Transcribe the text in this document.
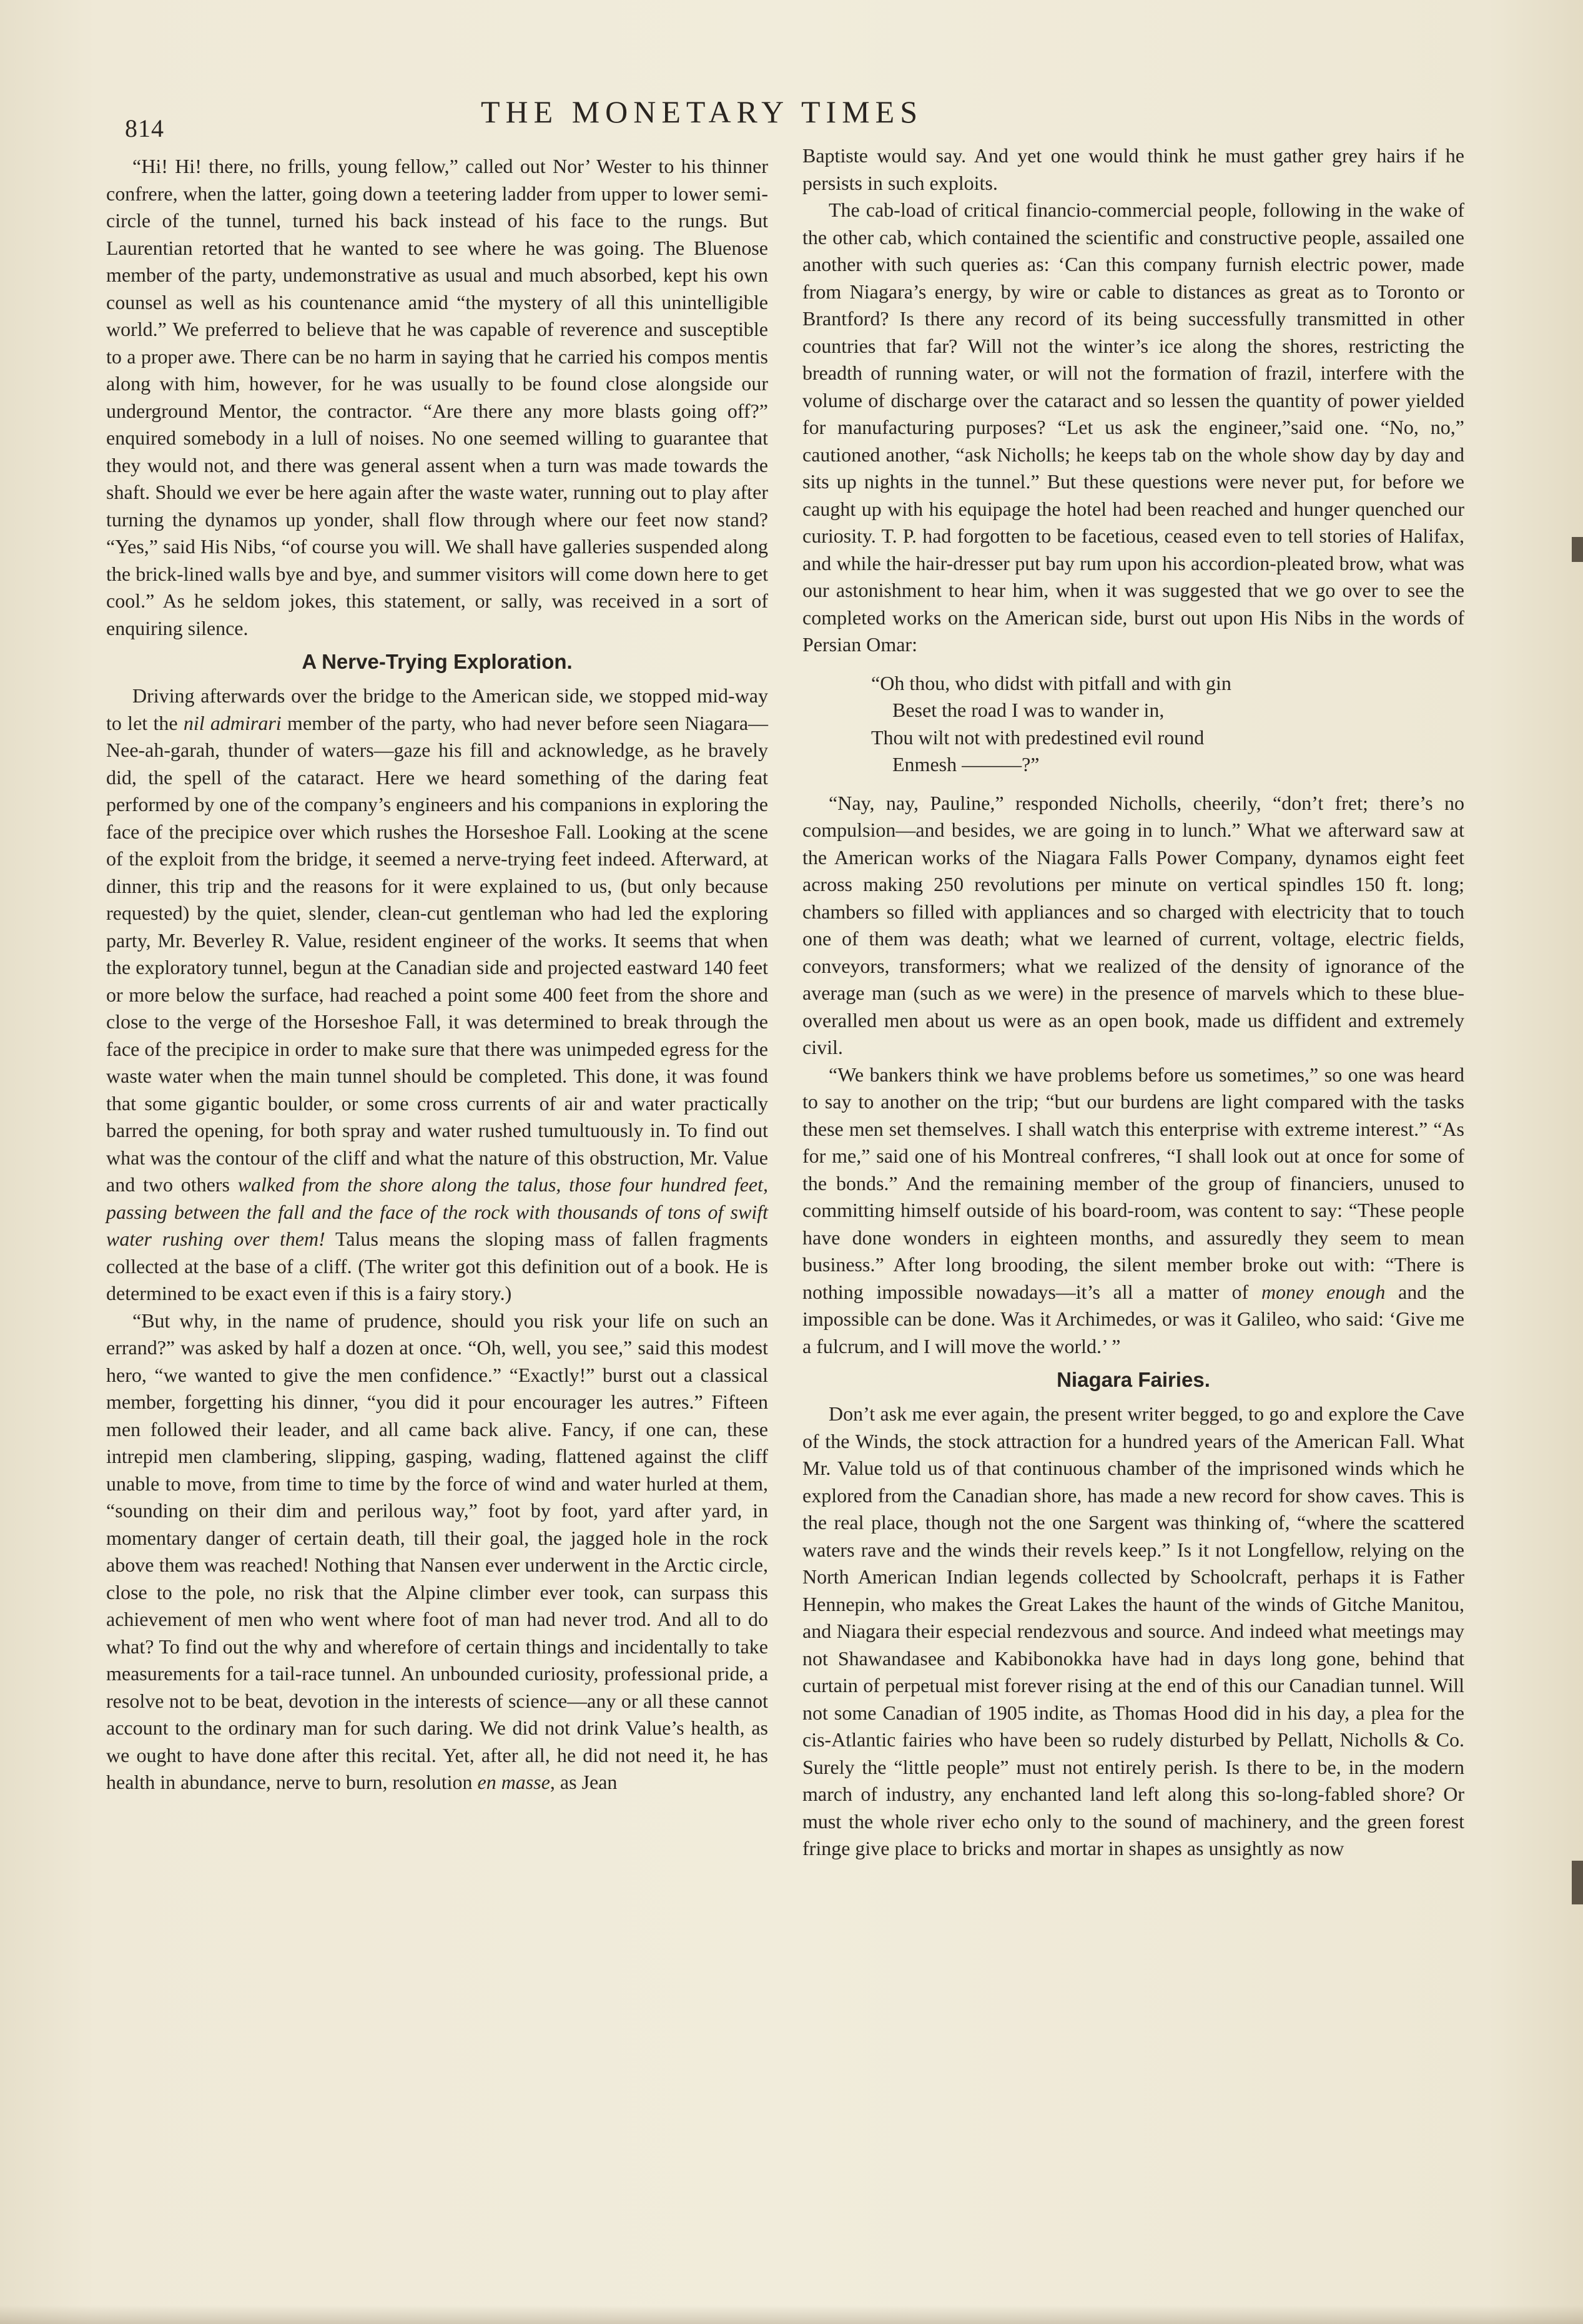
814	THE MONETARY TIMES

“Hi! Hi! there, no frills, young fellow,” called out Nor’ Wester to his thinner confrere, when the latter, going down a teetering ladder from upper to lower semi-circle of the tunnel, turned his back instead of his face to the rungs. But Laurentian retorted that he wanted to see where he was going. The Bluenose member of the party, undemonstrative as usual and much absorbed, kept his own counsel as well as his countenance amid “the mystery of all this unintelligible world.” We preferred to believe that he was capable of reverence and susceptible to a proper awe. There can be no harm in saying that he carried his compos mentis along with him, however, for he was usually to be found close alongside our underground Mentor, the contractor. “Are there any more blasts going off?” enquired somebody in a lull of noises. No one seemed willing to guarantee that they would not, and there was general assent when a turn was made towards the shaft. Should we ever be here again after the waste water, running out to play after turning the dynamos up yonder, shall flow through where our feet now stand? “Yes,” said His Nibs, “of course you will. We shall have galleries suspended along the brick-lined walls bye and bye, and summer visitors will come down here to get cool.” As he seldom jokes, this statement, or sally, was received in a sort of enquiring silence.

A Nerve-Trying Exploration.

Driving afterwards over the bridge to the American side, we stopped mid-way to let the nil admirari member of the party, who had never before seen Niagara—Nee-ah-garah, thunder of waters—gaze his fill and acknowledge, as he bravely did, the spell of the cataract. Here we heard something of the daring feat performed by one of the company’s engineers and his companions in exploring the face of the precipice over which rushes the Horseshoe Fall. Looking at the scene of the exploit from the bridge, it seemed a nerve-trying feet indeed. Afterward, at dinner, this trip and the reasons for it were explained to us, (but only because requested) by the quiet, slender, clean-cut gentleman who had led the exploring party, Mr. Beverley R. Value, resident engineer of the works. It seems that when the exploratory tunnel, begun at the Canadian side and projected eastward 140 feet or more below the surface, had reached a point some 400 feet from the shore and close to the verge of the Horseshoe Fall, it was determined to break through the face of the precipice in order to make sure that there was unimpeded egress for the waste water when the main tunnel should be completed. This done, it was found that some gigantic boulder, or some cross currents of air and water practically barred the opening, for both spray and water rushed tumultuously in. To find out what was the contour of the cliff and what the nature of this obstruction, Mr. Value and two others walked from the shore along the talus, those four hundred feet, passing between the fall and the face of the rock with thousands of tons of swift water rushing over them! Talus means the sloping mass of fallen fragments collected at the base of a cliff. (The writer got this definition out of a book. He is determined to be exact even if this is a fairy story.)

“But why, in the name of prudence, should you risk your life on such an errand?” was asked by half a dozen at once. “Oh, well, you see,” said this modest hero, “we wanted to give the men confidence.” “Exactly!” burst out a classical member, forgetting his dinner, “you did it pour encourager les autres.” Fifteen men followed their leader, and all came back alive. Fancy, if one can, these intrepid men clambering, slipping, gasping, wading, flattened against the cliff unable to move, from time to time by the force of wind and water hurled at them, “sounding on their dim and perilous way,” foot by foot, yard after yard, in momentary danger of certain death, till their goal, the jagged hole in the rock above them was reached! Nothing that Nansen ever underwent in the Arctic circle, close to the pole, no risk that the Alpine climber ever took, can surpass this achievement of men who went where foot of man had never trod. And all to do what? To find out the why and wherefore of certain things and incidentally to take measurements for a tail-race tunnel. An unbounded curiosity, professional pride, a resolve not to be beat, devotion in the interests of science—any or all these cannot account to the ordinary man for such daring. We did not drink Value’s health, as we ought to have done after this recital. Yet, after all, he did not need it, he has health in abundance, nerve to burn, resolution en masse, as Jean

Baptiste would say. And yet one would think he must gather grey hairs if he persists in such exploits.

The cab-load of critical financio-commercial people, following in the wake of the other cab, which contained the scientific and constructive people, assailed one another with such queries as: ‘Can this company furnish electric power, made from Niagara’s energy, by wire or cable to distances as great as to Toronto or Brantford? Is there any record of its being successfully transmitted in other countries that far? Will not the winter’s ice along the shores, restricting the breadth of running water, or will not the formation of frazil, interfere with the volume of discharge over the cataract and so lessen the quantity of power yielded for manufacturing purposes? “Let us ask the engineer,”said one. “No, no,” cautioned another, “ask Nicholls; he keeps tab on the whole show day by day and sits up nights in the tunnel.” But these questions were never put, for before we caught up with his equipage the hotel had been reached and hunger quenched our curiosity. T. P. had forgotten to be facetious, ceased even to tell stories of Halifax, and while the hair-dresser put bay rum upon his accordion-pleated brow, what was our astonishment to hear him, when it was suggested that we go over to see the completed works on the American side, burst out upon His Nibs in the words of Persian Omar:

“Oh thou, who didst with pitfall and with gin
Beset the road I was to wander in,
Thou wilt not with predestined evil round
Enmesh ———?”

“Nay, nay, Pauline,” responded Nicholls, cheerily, “don’t fret; there’s no compulsion—and besides, we are going in to lunch.” What we afterward saw at the American works of the Niagara Falls Power Company, dynamos eight feet across making 250 revolutions per minute on vertical spindles 150 ft. long; chambers so filled with appliances and so charged with electricity that to touch one of them was death; what we learned of current, voltage, electric fields, conveyors, transformers; what we realized of the density of ignorance of the average man (such as we were) in the presence of marvels which to these blue-overalled men about us were as an open book, made us diffident and extremely civil.

“We bankers think we have problems before us sometimes,” so one was heard to say to another on the trip; “but our burdens are light compared with the tasks these men set themselves. I shall watch this enterprise with extreme interest.” “As for me,” said one of his Montreal confreres, “I shall look out at once for some of the bonds.” And the remaining member of the group of financiers, unused to committing himself outside of his board-room, was content to say: “These people have done wonders in eighteen months, and assuredly they seem to mean business.” After long brooding, the silent member broke out with: “There is nothing impossible nowadays—it’s all a matter of money enough and the impossible can be done. Was it Archimedes, or was it Galileo, who said: ‘Give me a fulcrum, and I will move the world.’ ”

Niagara Fairies.

Don’t ask me ever again, the present writer begged, to go and explore the Cave of the Winds, the stock attraction for a hundred years of the American Fall. What Mr. Value told us of that continuous chamber of the imprisoned winds which he explored from the Canadian shore, has made a new record for show caves. This is the real place, though not the one Sargent was thinking of, “where the scattered waters rave and the winds their revels keep.” Is it not Longfellow, relying on the North American Indian legends collected by Schoolcraft, perhaps it is Father Hennepin, who makes the Great Lakes the haunt of the winds of Gitche Manitou, and Niagara their especial rendezvous and source. And indeed what meetings may not Shawandasee and Kabibonokka have had in days long gone, behind that curtain of perpetual mist forever rising at the end of this our Canadian tunnel. Will not some Canadian of 1905 indite, as Thomas Hood did in his day, a plea for the cis-Atlantic fairies who have been so rudely disturbed by Pellatt, Nicholls & Co. Surely the “little people” must not entirely perish. Is there to be, in the modern march of industry, any enchanted land left along this so-long-fabled shore? Or must the whole river echo only to the sound of machinery, and the green forest fringe give place to bricks and mortar in shapes as unsightly as now
